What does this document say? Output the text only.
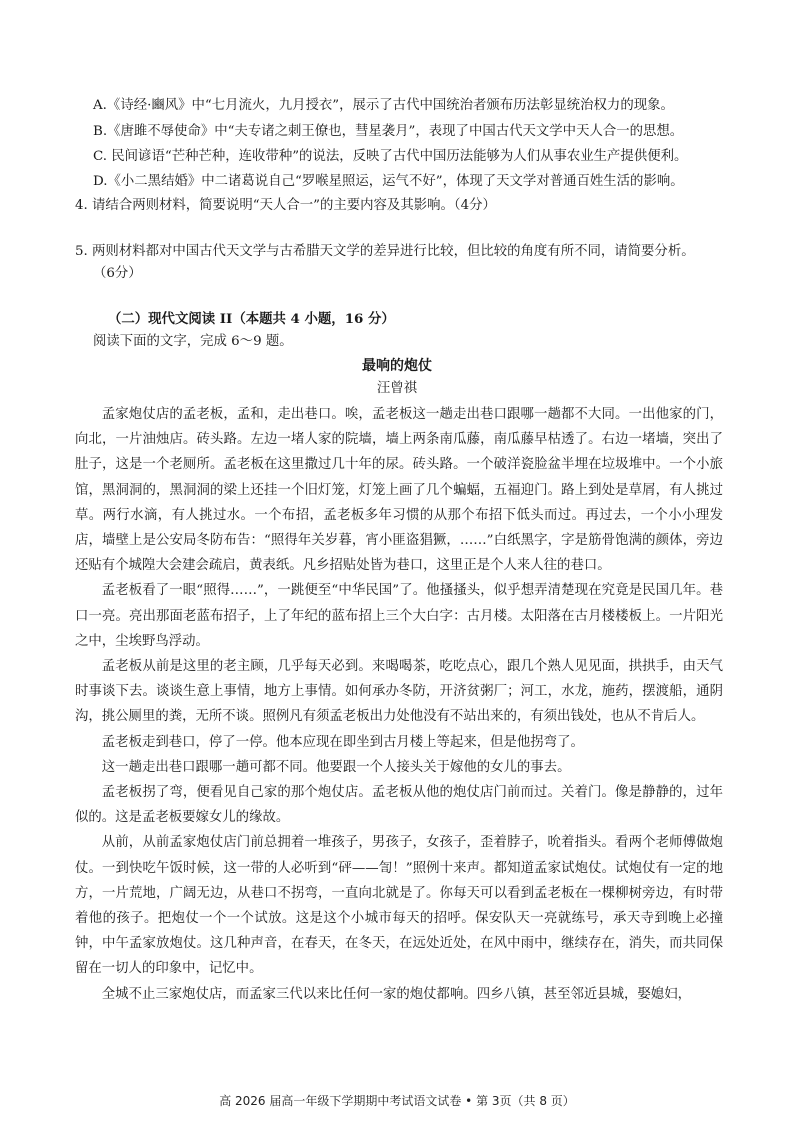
A.《诗经·豳风》中“七月流火，九月授衣”，展示了古代中国统治者颁布历法彰显统治权力的现象。
B.《唐雎不辱使命》中“夫专诸之刺王僚也，彗星袭月”，表现了中国古代天文学中天人合一的思想。
C. 民间谚语“芒种芒种，连收带种”的说法，反映了古代中国历法能够为人们从事农业生产提供便利。
D.《小二黑结婚》中二诸葛说自己“罗喉星照运，运气不好”，体现了天文学对普通百姓生活的影响。
4. 请结合两则材料，简要说明“天人合一”的主要内容及其影响。（4分）
5. 两则材料都对中国古代天文学与古希腊天文学的差异进行比较，但比较的角度有所不同，请简要分析。
（6分）
（二）现代文阅读 II（本题共 4 小题，16 分）
阅读下面的文字，完成 6～9 题。
最响的炮仗
汪曾祺

孟家炮仗店的孟老板，孟和，走出巷口。唉，孟老板这一趟走出巷口跟哪一趟都不大同。一出他家的门，向北，一片油烛店。砖头路。左边一堵人家的院墙，墙上两条南瓜藤，南瓜藤早枯透了。右边一堵墙，突出了肚子，这是一个老厕所。孟老板在这里撒过几十年的尿。砖头路。一个破洋瓷脸盆半埋在垃圾堆中。一个小旅馆，黑洞洞的，黑洞洞的梁上还挂一个旧灯笼，灯笼上画了几个蝙蝠，五福迎门。路上到处是草屑，有人挑过草。两行水滴，有人挑过水。一个布招，孟老板多年习惯的从那个布招下低头而过。再过去，一个小小理发店，墙壁上是公安局冬防布告：“照得年关岁暮，宵小匪盗猖獗，……”白纸黑字，字是筋骨饱满的颜体，旁边还贴有个城隍大会建会疏启，黄表纸。凡乡招贴处皆为巷口，这里正是个人来人往的巷口。

孟老板看了一眼“照得……”，一跳便至“中华民国”了。他搔搔头，似乎想弄清楚现在究竟是民国几年。巷口一亮。亮出那面老蓝布招子，上了年纪的蓝布招上三个大白字：古月楼。太阳落在古月楼楼板上。一片阳光之中，尘埃野鸟浮动。

孟老板从前是这里的老主顾，几乎每天必到。来喝喝茶，吃吃点心，跟几个熟人见见面，拱拱手，由天气时事谈下去。谈谈生意上事情，地方上事情。如何承办冬防，开济贫粥厂；河工，水龙，施药，摆渡船，通阴沟，挑公厕里的粪，无所不谈。照例凡有须孟老板出力处他没有不站出来的，有须出钱处，也从不肯后人。

孟老板走到巷口，停了一停。他本应现在即坐到古月楼上等起来，但是他拐弯了。

这一趟走出巷口跟哪一趟可都不同。他要跟一个人接头关于嫁他的女儿的事去。

孟老板拐了弯，便看见自己家的那个炮仗店。孟老板从他的炮仗店门前而过。关着门。像是静静的，过年似的。这是孟老板要嫁女儿的缘故。

从前，从前孟家炮仗店门前总拥着一堆孩子，男孩子，女孩子，歪着脖子，吮着指头。看两个老师傅做炮仗。一到快吃午饭时候，这一带的人必听到“砰——訇！”照例十来声。都知道孟家试炮仗。试炮仗有一定的地方，一片荒地，广阔无边，从巷口不拐弯，一直向北就是了。你每天可以看到孟老板在一棵柳树旁边，有时带着他的孩子。把炮仗一个一个试放。这是这个小城市每天的招呼。保安队天一亮就练号，承天寺到晚上必撞钟，中午孟家放炮仗。这几种声音，在春天，在冬天，在远处近处，在风中雨中，继续存在，消失，而共同保留在一切人的印象中，记忆中。

全城不止三家炮仗店，而孟家三代以来比任何一家的炮仗都响。四乡八镇，甚至邻近县城，娶媳妇，

高 2026 届高一年级下学期期中考试语文试卷 • 第 3页（共 8 页）
